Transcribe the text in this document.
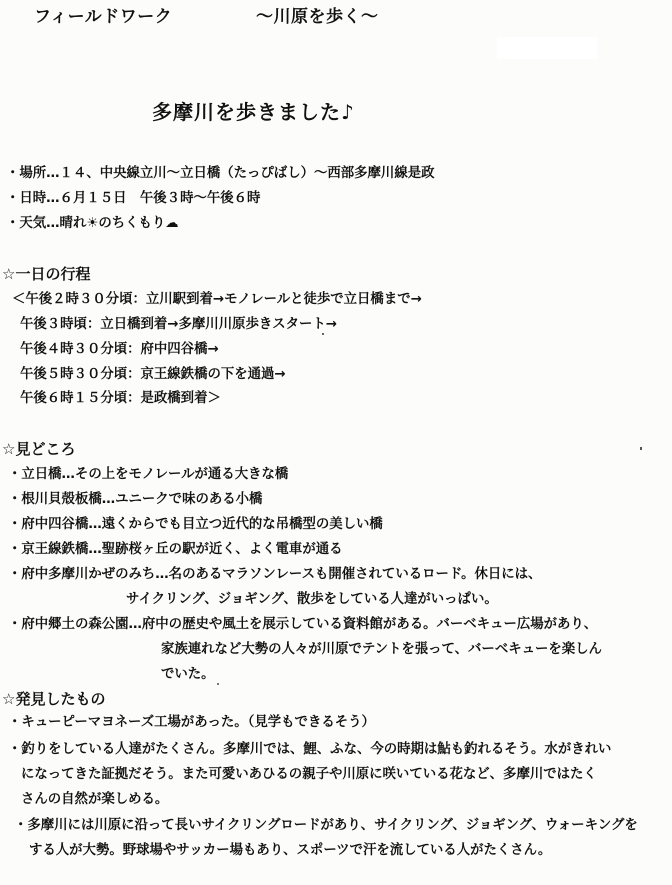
フィールドワーク	～川原を歩く～
多摩川を歩きました♪
・場所…１４、中央線立川～立日橋（たっぴばし）～西部多摩川線是政
・日時…６月１５日　午後３時～午後６時
・天気…晴れ☀のちくもり☁
☆一日の行程
＜午後２時３０分頃：立川駅到着→モノレールと徒歩で立日橋まで→
午後３時頃：立日橋到着→多摩川川原歩きスタート→
午後４時３０分頃：府中四谷橋→
午後５時３０分頃：京王線鉄橋の下を通過→
午後６時１５分頃：是政橋到着＞
☆見どころ
・立日橋…その上をモノレールが通る大きな橋
・根川貝殻板橋…ユニークで味のある小橋
・府中四谷橋…遠くからでも目立つ近代的な吊橋型の美しい橋
・京王線鉄橋…聖跡桜ヶ丘の駅が近く、よく電車が通る
・府中多摩川かぜのみち…名のあるマラソンレースも開催されているロード。休日には、
サイクリング、ジョギング、散歩をしている人達がいっぱい。
・府中郷土の森公園…府中の歴史や風土を展示している資料館がある。バーベキュー広場があり、
家族連れなど大勢の人々が川原でテントを張って、バーベキューを楽しん
でいた。
☆発見したもの
・キューピーマヨネーズ工場があった。（見学もできるそう）
・釣りをしている人達がたくさん。多摩川では、鯉、ふな、今の時期は鮎も釣れるそう。水がきれい
になってきた証拠だそう。また可愛いあひるの親子や川原に咲いている花など、多摩川ではたく
さんの自然が楽しめる。
・多摩川には川原に沿って長いサイクリングロードがあり、サイクリング、ジョギング、ウォーキングを
する人が大勢。野球場やサッカー場もあり、スポーツで汗を流している人がたくさん。
